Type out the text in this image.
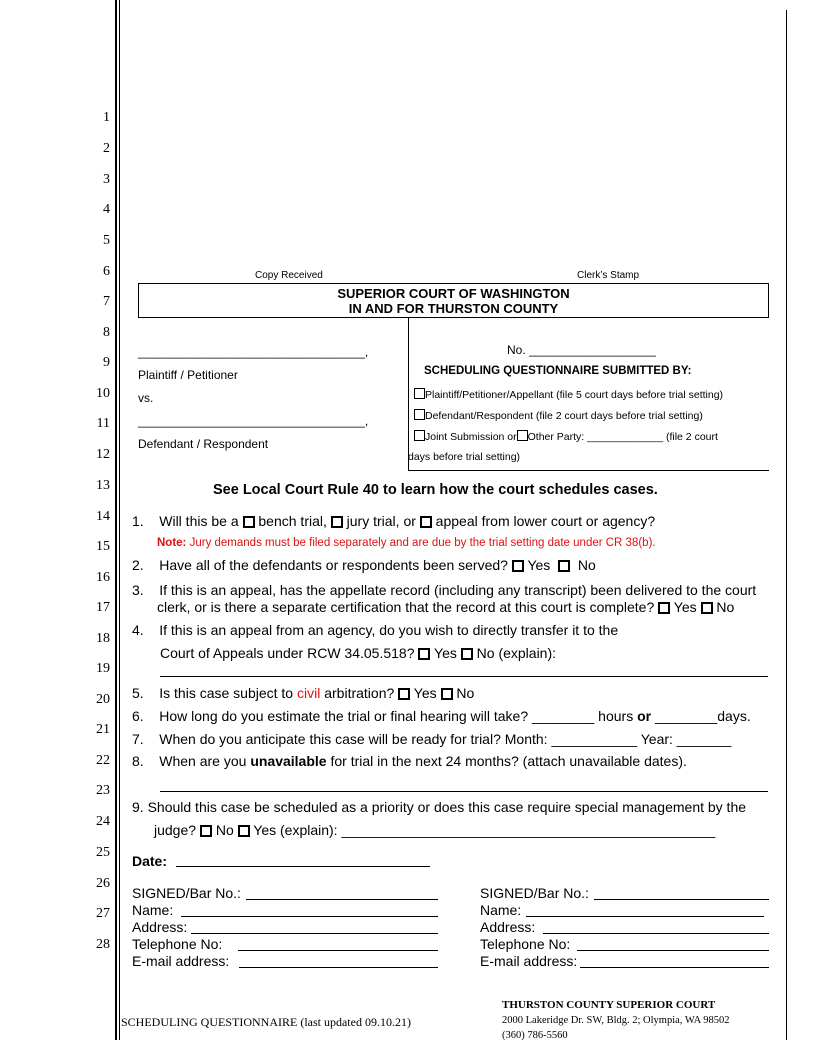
1
2
3
4
5
6
7
8
9
10
11
12
13
14
15
16
17
18
19
20
21
22
23
24
25
26
27
28
Copy Received	Clerk’s Stamp
SUPERIOR COURT OF WASHINGTON
IN AND FOR THURSTON COUNTY
__________________________________,
Plaintiff / Petitioner
vs.
__________________________________,
Defendant / Respondent
No. ___________________
SCHEDULING QUESTIONNAIRE SUBMITTED BY:
Plaintiff/Petitioner/Appellant (file 5 court days before trial setting)
Defendant/Respondent (file 2 court days before trial setting)
Joint Submission or Other Party: _____________ (file 2 court
days before trial setting)
See Local Court Rule 40 to learn how the court schedules cases.
1. Will this be a bench trial, jury trial, or appeal from lower court or agency?
Note: Jury demands must be filed separately and are due by the trial setting date under CR 38(b).
2. Have all of the defendants or respondents been served? Yes No
3. If this is an appeal, has the appellate record (including any transcript) been delivered to the court
clerk, or is there a separate certification that the record at this court is complete? Yes No
4. If this is an appeal from an agency, do you wish to directly transfer it to the
Court of Appeals under RCW 34.05.518? Yes No (explain):
5. Is this case subject to civil arbitration? Yes No
6. How long do you estimate the trial or final hearing will take? ________ hours or ________days.
7. When do you anticipate this case will be ready for trial? Month: ___________ Year: _______
8. When are you unavailable for trial in the next 24 months? (attach unavailable dates).
9. Should this case be scheduled as a priority or does this case require special management by the
judge? No Yes (explain): ________________________________________________
Date:
SIGNED/Bar No.:
Name:
Address:
Telephone No:
E-mail address:
SIGNED/Bar No.:
Name:
Address:
Telephone No:
E-mail address:
SCHEDULING QUESTIONNAIRE (last updated 09.10.21)
THURSTON COUNTY SUPERIOR COURT
2000 Lakeridge Dr. SW, Bldg. 2; Olympia, WA 98502
(360) 786-5560
